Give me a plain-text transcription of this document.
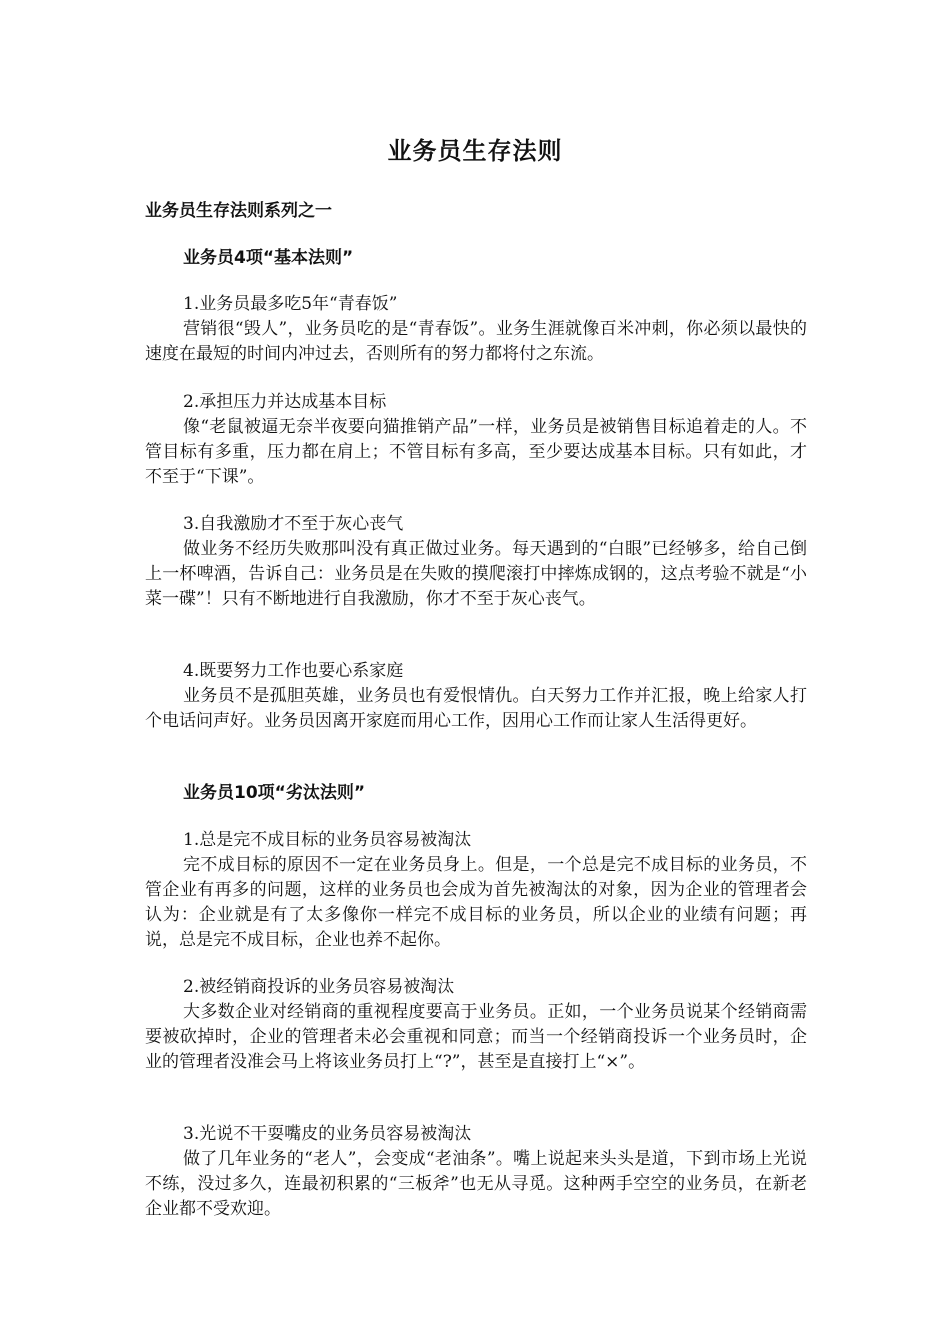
业务员生存法则
业务员生存法则系列之一
业务员4项“基本法则”
1.业务员最多吃5年“青春饭”
营销很“毁人”，业务员吃的是“青春饭”。业务生涯就像百米冲刺，你必须以最快的速度在最短的时间内冲过去，否则所有的努力都将付之东流。
2.承担压力并达成基本目标
像“老鼠被逼无奈半夜要向猫推销产品”一样，业务员是被销售目标追着走的人。不管目标有多重，压力都在肩上；不管目标有多高，至少要达成基本目标。只有如此，才不至于“下课”。
3.自我激励才不至于灰心丧气
做业务不经历失败那叫没有真正做过业务。每天遇到的“白眼”已经够多，给自己倒上一杯啤酒，告诉自己：业务员是在失败的摸爬滚打中摔炼成钢的，这点考验不就是“小菜一碟”！只有不断地进行自我激励，你才不至于灰心丧气。
4.既要努力工作也要心系家庭
业务员不是孤胆英雄，业务员也有爱恨情仇。白天努力工作并汇报，晚上给家人打个电话问声好。业务员因离开家庭而用心工作，因用心工作而让家人生活得更好。
业务员10项“劣汰法则”
1.总是完不成目标的业务员容易被淘汰
完不成目标的原因不一定在业务员身上。但是，一个总是完不成目标的业务员，不管企业有再多的问题，这样的业务员也会成为首先被淘汰的对象，因为企业的管理者会认为：企业就是有了太多像你一样完不成目标的业务员，所以企业的业绩有问题；再说，总是完不成目标，企业也养不起你。
2.被经销商投诉的业务员容易被淘汰
大多数企业对经销商的重视程度要高于业务员。正如，一个业务员说某个经销商需要被砍掉时，企业的管理者未必会重视和同意；而当一个经销商投诉一个业务员时，企业的管理者没准会马上将该业务员打上“?”，甚至是直接打上“×”。
3.光说不干耍嘴皮的业务员容易被淘汰
做了几年业务的“老人”，会变成“老油条”。嘴上说起来头头是道，下到市场上光说不练，没过多久，连最初积累的“三板斧”也无从寻觅。这种两手空空的业务员，在新老企业都不受欢迎。
